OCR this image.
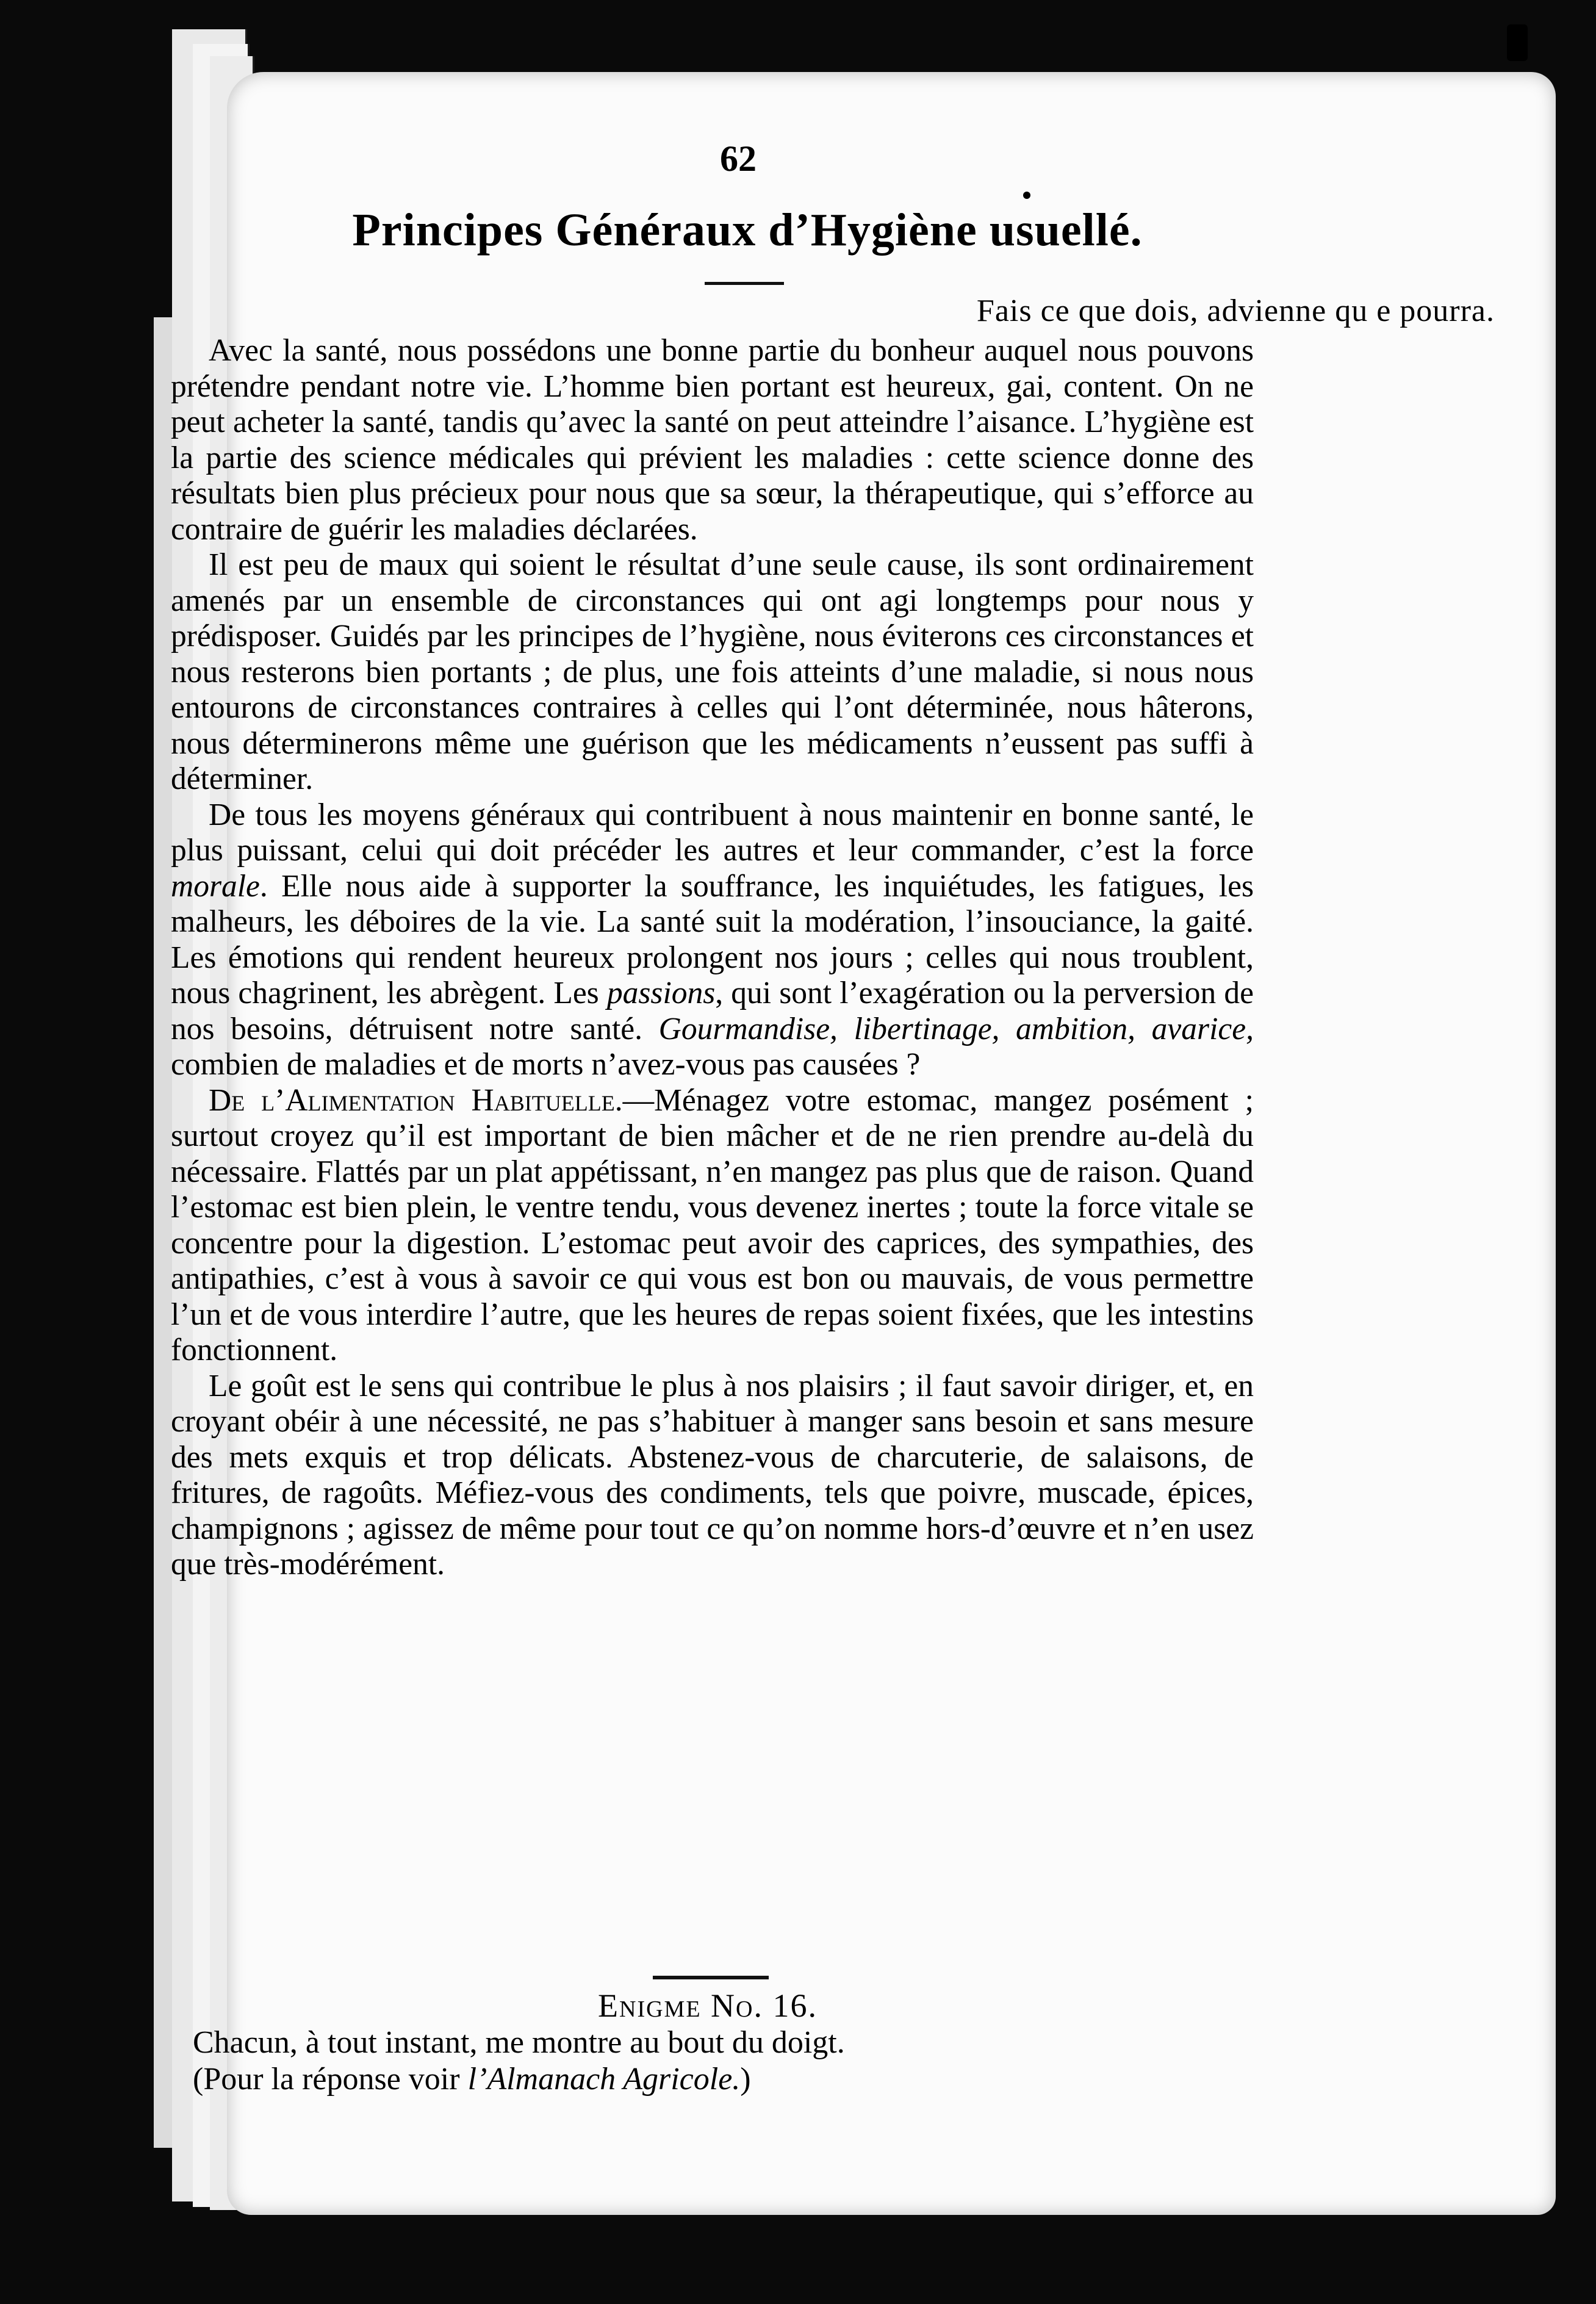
62
Principes Généraux d’Hygiène usuellé.
Fais ce que dois, advienne qu e pourra.

Avec la santé, nous possédons une bonne partie du bonheur auquel nous pouvons prétendre pendant notre vie. L’homme bien portant est heureux, gai, content. On ne peut acheter la santé, tandis qu’avec la santé on peut atteindre l’aisance. L’hygiène est la partie des science médicales qui prévient les maladies : cette science donne des résultats bien plus précieux pour nous que sa sœur, la thérapeutique, qui s’efforce au contraire de guérir les maladies déclarées.

Il est peu de maux qui soient le résultat d’une seule cause, ils sont ordinairement amenés par un ensemble de circonstances qui ont agi longtemps pour nous y prédisposer. Guidés par les principes de l’hygiène, nous éviterons ces circonstances et nous resterons bien portants ; de plus, une fois atteints d’une maladie, si nous nous entourons de circonstances contraires à celles qui l’ont déterminée, nous hâterons, nous déterminerons même une guérison que les médicaments n’eussent pas suffi à déterminer.

De tous les moyens généraux qui contribuent à nous maintenir en bonne santé, le plus puissant, celui qui doit précéder les autres et leur commander, c’est la force morale. Elle nous aide à supporter la souffrance, les inquiétudes, les fatigues, les malheurs, les déboires de la vie. La santé suit la modération, l’insouciance, la gaité. Les émotions qui rendent heureux prolongent nos jours ; celles qui nous troublent, nous chagrinent, les abrègent. Les passions, qui sont l’exagération ou la perversion de nos besoins, détruisent notre santé. Gourmandise, libertinage, ambition, avarice, combien de maladies et de morts n’avez-vous pas causées ?

De l’Alimentation Habituelle.—Ménagez votre estomac, mangez posément ; surtout croyez qu’il est important de bien mâcher et de ne rien prendre au-delà du nécessaire. Flattés par un plat appétissant, n’en mangez pas plus que de raison. Quand l’estomac est bien plein, le ventre tendu, vous devenez inertes ; toute la force vitale se concentre pour la digestion. L’estomac peut avoir des caprices, des sympathies, des antipathies, c’est à vous à savoir ce qui vous est bon ou mauvais, de vous permettre l’un et de vous interdire l’autre, que les heures de repas soient fixées, que les intestins fonctionnent.

Le goût est le sens qui contribue le plus à nos plaisirs ; il faut savoir diriger, et, en croyant obéir à une nécessité, ne pas s’habituer à manger sans besoin et sans mesure des mets exquis et trop délicats. Abstenez-vous de charcuterie, de salaisons, de fritures, de ragoûts. Méfiez-vous des condiments, tels que poivre, muscade, épices, champignons ; agissez de même pour tout ce qu’on nomme hors-d’œuvre et n’en usez que très-modérément.

Enigme No. 16.
Chacun, à tout instant, me montre au bout du doigt.
(Pour la réponse voir l’Almanach Agricole.)
